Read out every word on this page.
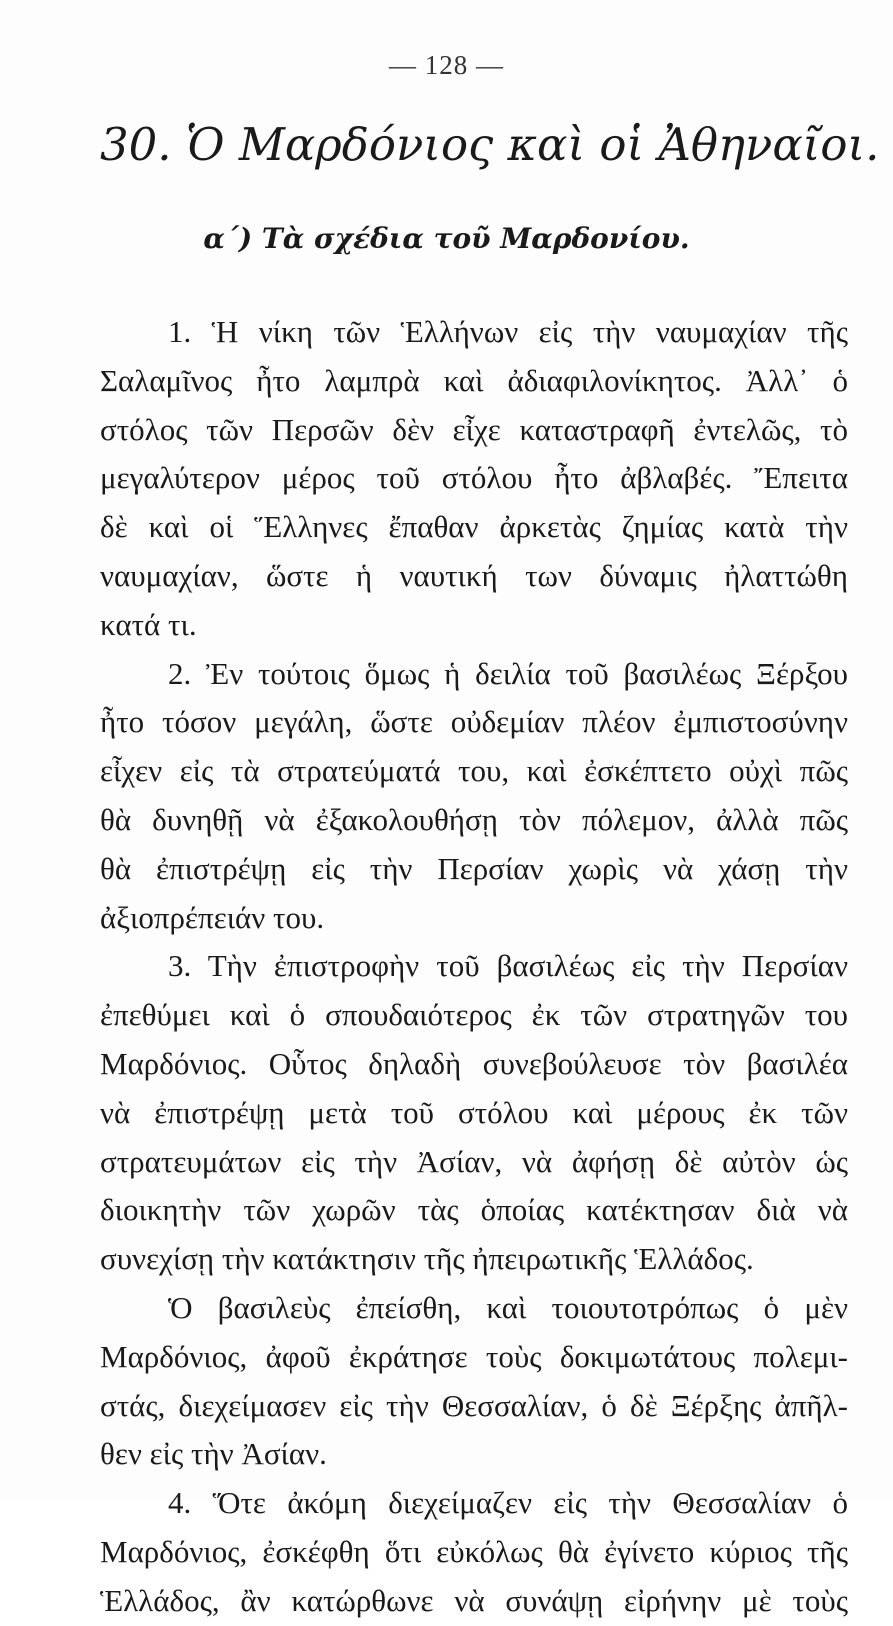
— 128 —
30. Ὁ Μαρδόνιος καὶ οἱ Ἀθηναῖοι.
α΄) Τὰ σχέδια τοῦ Μαρδονίου.
1. Ἡ νίκη τῶν Ἑλλήνων εἰς τὴν ναυμαχίαν τῆς
Σαλαμῖνος ἦτο λαμπρὰ καὶ ἀδιαφιλονίκητος. Ἀλλ᾽ ὁ
στόλος τῶν Περσῶν δὲν εἶχε καταστραφῆ ἐντελῶς, τὸ
μεγαλύτερον μέρος τοῦ στόλου ἦτο ἀβλαβές. Ἔπειτα
δὲ καὶ οἱ Ἕλληνες ἔπαθαν ἀρκετὰς ζημίας κατὰ τὴν
ναυμαχίαν, ὥστε ἡ ναυτική των δύναμις ἠλαττώθη
κατά τι.
2. Ἐν τούτοις ὅμως ἡ δειλία τοῦ βασιλέως Ξέρξου
ἦτο τόσον μεγάλη, ὥστε οὐδεμίαν πλέον ἐμπιστοσύνην
εἶχεν εἰς τὰ στρατεύματά του, καὶ ἐσκέπτετο οὐχὶ πῶς
θὰ δυνηθῇ νὰ ἐξακολουθήσῃ τὸν πόλεμον, ἀλλὰ πῶς
θὰ ἐπιστρέψῃ εἰς τὴν Περσίαν χωρὶς νὰ χάσῃ τὴν
ἀξιοπρέπειάν του.
3. Τὴν ἐπιστροφὴν τοῦ βασιλέως εἰς τὴν Περσίαν
ἐπεθύμει καὶ ὁ σπουδαιότερος ἐκ τῶν στρατηγῶν του
Μαρδόνιος. Οὗτος δηλαδὴ συνεβούλευσε τὸν βασιλέα
νὰ ἐπιστρέψῃ μετὰ τοῦ στόλου καὶ μέρους ἐκ τῶν
στρατευμάτων εἰς τὴν Ἀσίαν, νὰ ἀφήσῃ δὲ αὐτὸν ὡς
διοικητὴν τῶν χωρῶν τὰς ὁποίας κατέκτησαν διὰ νὰ
συνεχίσῃ τὴν κατάκτησιν τῆς ἠπειρωτικῆς Ἑλλάδος.
Ὁ βασιλεὺς ἐπείσθη, καὶ τοιουτοτρόπως ὁ μὲν
Μαρδόνιος, ἀφοῦ ἐκράτησε τοὺς δοκιμωτάτους πολεμι-
στάς, διεχείμασεν εἰς τὴν Θεσσαλίαν, ὁ δὲ Ξέρξης ἀπῆλ-
θεν εἰς τὴν Ἀσίαν.
4. Ὅτε ἀκόμη διεχείμαζεν εἰς τὴν Θεσσαλίαν ὁ
Μαρδόνιος, ἐσκέφθη ὅτι εὐκόλως θὰ ἐγίνετο κύριος τῆς
Ἑλλάδος, ἂν κατώρθωνε νὰ συνάψῃ εἰρήνην μὲ τοὺς
